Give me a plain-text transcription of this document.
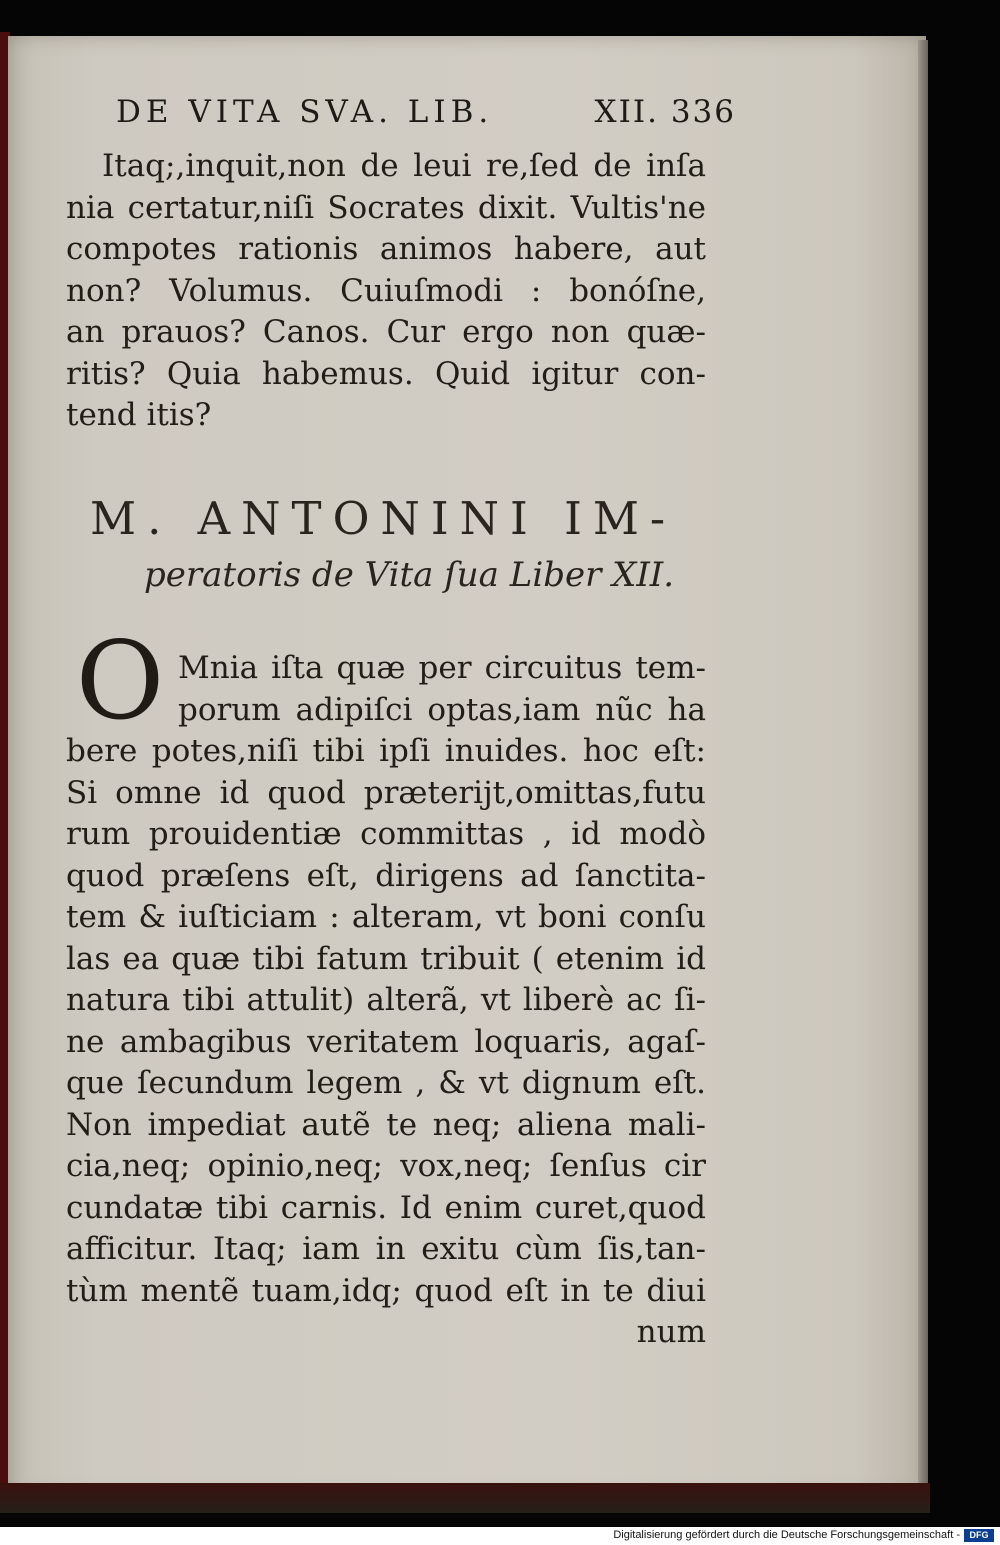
DE VITA SVA. LIB.	XII. 336
Itaq;,inquit,non de leui re,ſed de inſa
nia certatur,niſi Socrates dixit. Vultis'ne
compotes rationis animos habere, aut
non? Volumus. Cuiuſmodi : bonóſne,
an prauos? Canos. Cur ergo non quæ-
ritis? Quia habemus. Quid igitur con-
tend itis?
M. ANTONINI IM-
peratoris de Vita ſua Liber XII.
O Mnia iſta quæ per circuitus tem-
porum adipiſci optas,iam nũc ha
bere potes,niſi tibi ipſi inuides. hoc eſt:
Si omne id quod præterijt,omittas,futu
rum prouidentiæ committas , id modò
quod præſens eſt, dirigens ad ſanctita-
tem & iuſticiam : alteram, vt boni conſu
las ea quæ tibi fatum tribuit ( etenim id
natura tibi attulit) alterã, vt liberè ac ſi-
ne ambagibus veritatem loquaris, agaſ-
que ſecundum legem , & vt dignum eſt.
Non impediat autẽ te neq; aliena mali-
cia,neq; opinio,neq; vox,neq; ſenſus cir
cundatæ tibi carnis. Id enim curet,quod
afficitur. Itaq; iam in exitu cùm ſis,tan-
tùm mentẽ tuam,idq; quod eſt in te diui
num
Digitalisierung gefördert durch die Deutsche Forschungsgemeinschaft -	DFG
